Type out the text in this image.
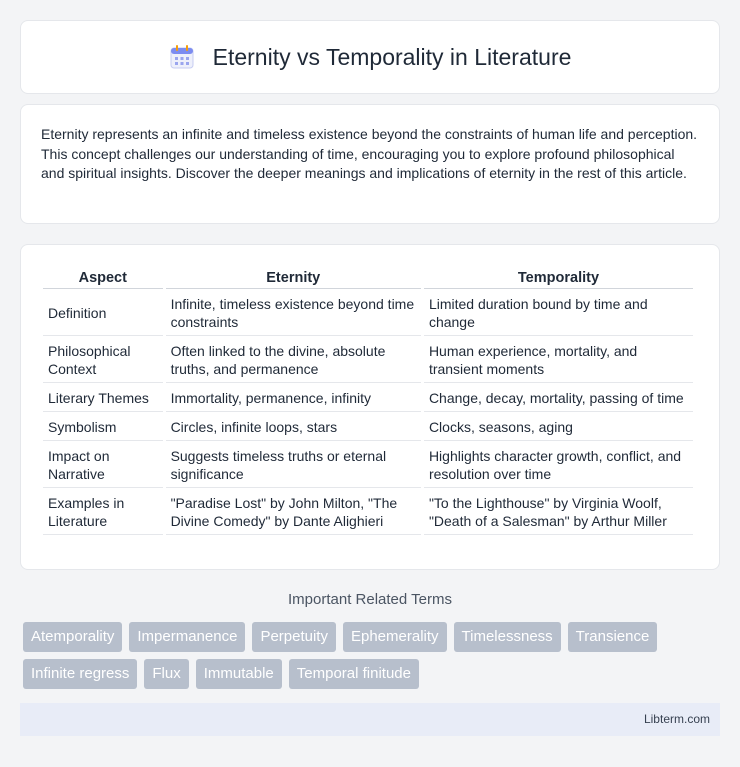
Eternity vs Temporality in Literature

Eternity represents an infinite and timeless existence beyond the constraints of human life and perception. This concept challenges our understanding of time, encouraging you to explore profound philosophical and spiritual insights. Discover the deeper meanings and implications of eternity in the rest of this article.

Aspect	Eternity	Temporality
Definition	Infinite, timeless existence beyond time constraints	Limited duration bound by time and change
Philosophical Context	Often linked to the divine, absolute truths, and permanence	Human experience, mortality, and transient moments
Literary Themes	Immortality, permanence, infinity	Change, decay, mortality, passing of time
Symbolism	Circles, infinite loops, stars	Clocks, seasons, aging
Impact on Narrative	Suggests timeless truths or eternal significance	Highlights character growth, conflict, and resolution over time
Examples in Literature	"Paradise Lost" by John Milton, "The Divine Comedy" by Dante Alighieri	"To the Lighthouse" by Virginia Woolf, "Death of a Salesman" by Arthur Miller
Important Related Terms
Atemporality	Impermanence	Perpetuity	Ephemerality	Timelessness	Transience
Infinite regress	Flux	Immutable	Temporal finitude
Libterm.com
